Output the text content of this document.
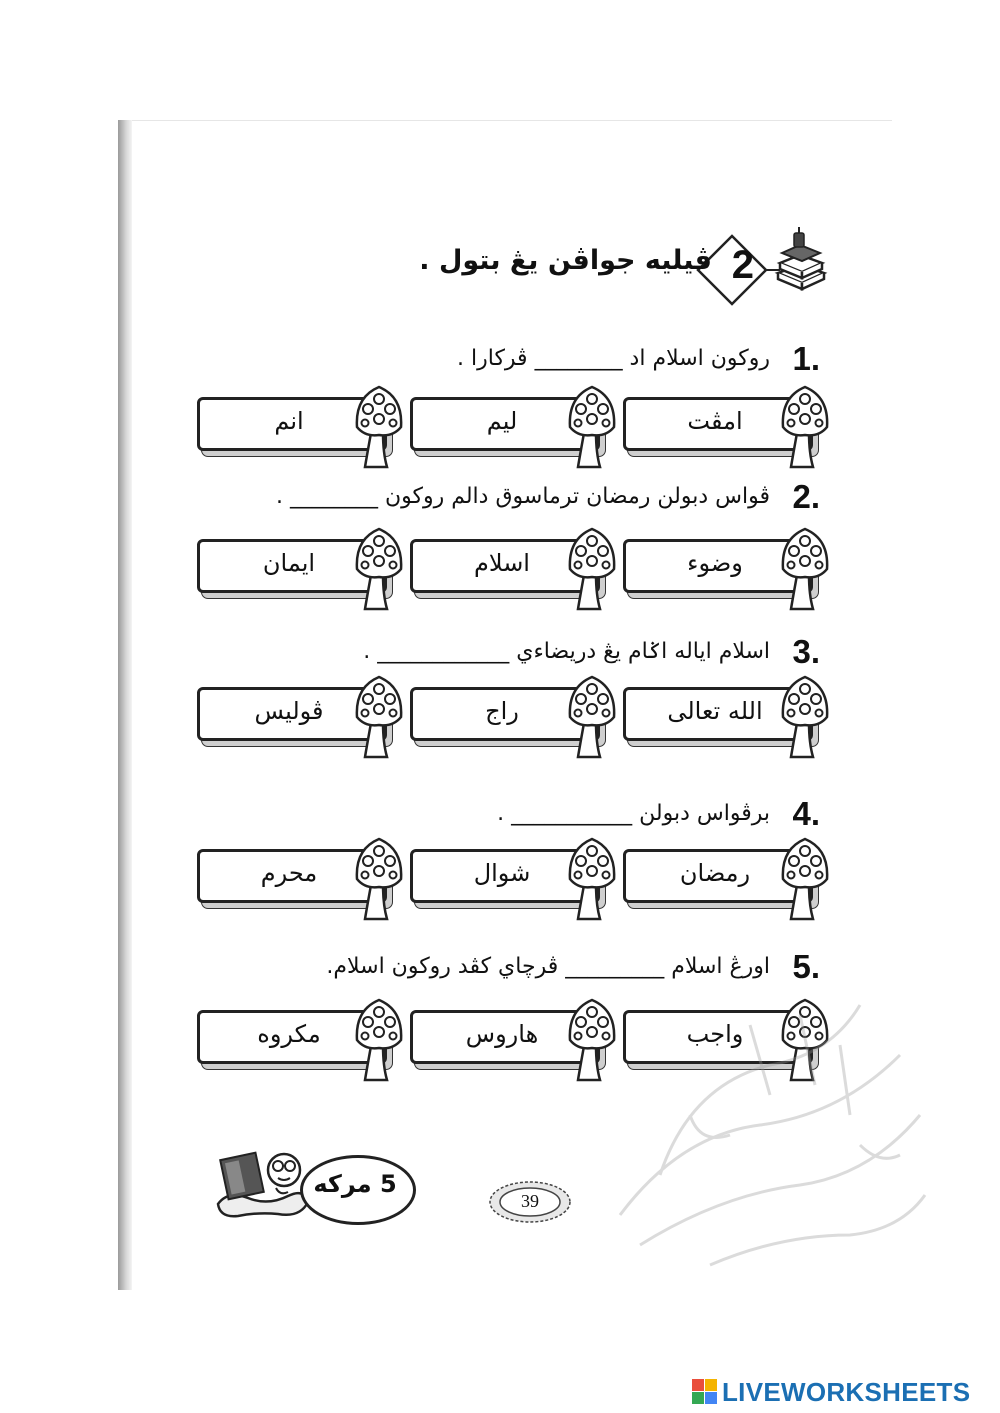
2
ڤيليه جواڤن يڠ بتول .
1.
روکون اسلام اد ________ ڤرکارا .
امڤت
ليم
انم
2.
ڤواس دبولن رمضان ترماسوق دالم روکون ________ .
وضوء
اسلام
ايمان
3.
اسلام اياله اݢام يڠ دريضاءي ____________ .
الله تعالى
راج
ڤوليس
4.
برڤواس دبولن ___________ .
رمضان
شوال
محرم
5.
اورڠ اسلام _________ ڤرچاي کڤد روکون اسلام.
واجب
هاروس
مکروه
5 مرکه
39
LIVEWORKSHEETS
